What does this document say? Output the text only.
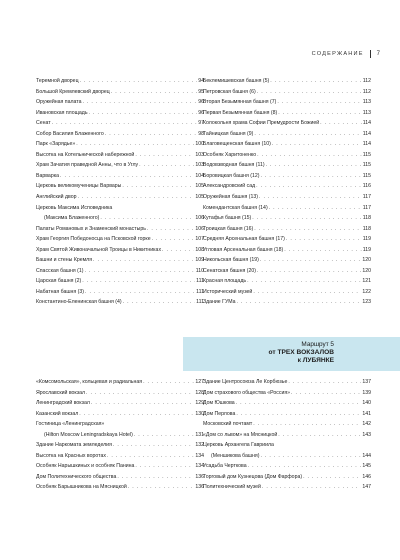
СОДЕРЖАНИЕ 7
Теремной дворец . . .	94
Большой Кремлевский дворец . . .	95
Оружейная палата . . .	96
Ивановская площадь . . .	96
Сенат . . .	97
Собор Василия Блаженного . . .	98
Парк «Зарядье» . . .	100
Высотка на Котельнической набережной . . .	103
Храм Зачатия праведной Анны, что в Углу . . .	103
Варварка . . .	104
Церковь великомученицы Варвары . . .	105
Английский двор . . .	105
Церковь Максима Исповедника
(Максима Блаженного) . . .	106
Палаты Романовых и Знаменский монастырь . . .	106
Храм Георгия Победоносца на Псковской горке . . .	107
Храм Святой Живоначальной Троицы в Никитниках . . .	108
Башни и стены Кремля . . .	109
Спасская башня (1) . . .	110
Царская башня (2) . . .	111
Набатная башня (3) . . .	111
Константино-Еленинская башня (4) . . .	111
Беклемишевская башня (5) . . .	112
Петровская башня (6) . . .	112
Вторая Безымянная башня (7) . . .	113
Первая Безымянная башня (8) . . .	113
Колокольня храма Софии Премудрости Божией . . .	114
Тайницкая башня (9) . . .	114
Благовещенская башня (10) . . .	114
Особняк Харитоненко . . .	115
Водовзводная башня (11) . . .	115
Боровицкая башня (12) . . .	115
Александровский сад . . .	116
Оружейная башня (13) . . .	117
Комендантская башня (14) . . .	117
Кутафья башня (15) . . .	118
Троицкая башня (16) . . .	118
Средняя Арсенальная башня (17) . . .	119
Угловая Арсенальная башня (18) . . .	119
Никольская башня (19) . . .	120
Сенатская башня (20) . . .	120
Красная площадь . . .	121
Исторический музей . . .	122
Здание ГУМа . . .	123
Маршрут 5
от ТРЕХ ВОКЗАЛОВ
к ЛУБЯНКЕ
«Комсомольская», кольцевая и радиальная . . .	127
Ярославский вокзал . . .	128
Ленинградский вокзал . . .	129
Казанский вокзал . . .	130
Гостиница «Ленинградская»
(Hilton Moscow Leningradskaya Hotel) . . .	131
Здание Наркомата земледелия . . .	132
Высотка на Красных воротах . . .	134
Особняк Нарышкиных и особняк Панина . . .	134
Дом Политехнического общества . . .	136
Особняк Барышникова на Мясницкой . . .	136
Здание Центросоюза Ле Корбюзье . . .	137
Дом страхового общества «Россия» . . .	139
Дом Юшкова . . .	140
Дом Перлова . . .	141
Московский почтамт . . .	142
«Дом со львом» на Мясницкой . . .	143
Церковь Архангела Гавриила
(Меншикова башня) . . .	144
Усадьба Черткова . . .	145
Торговый дом Кузнецова (Дом Фарфора) . . .	146
Политехнический музей . . .	147
